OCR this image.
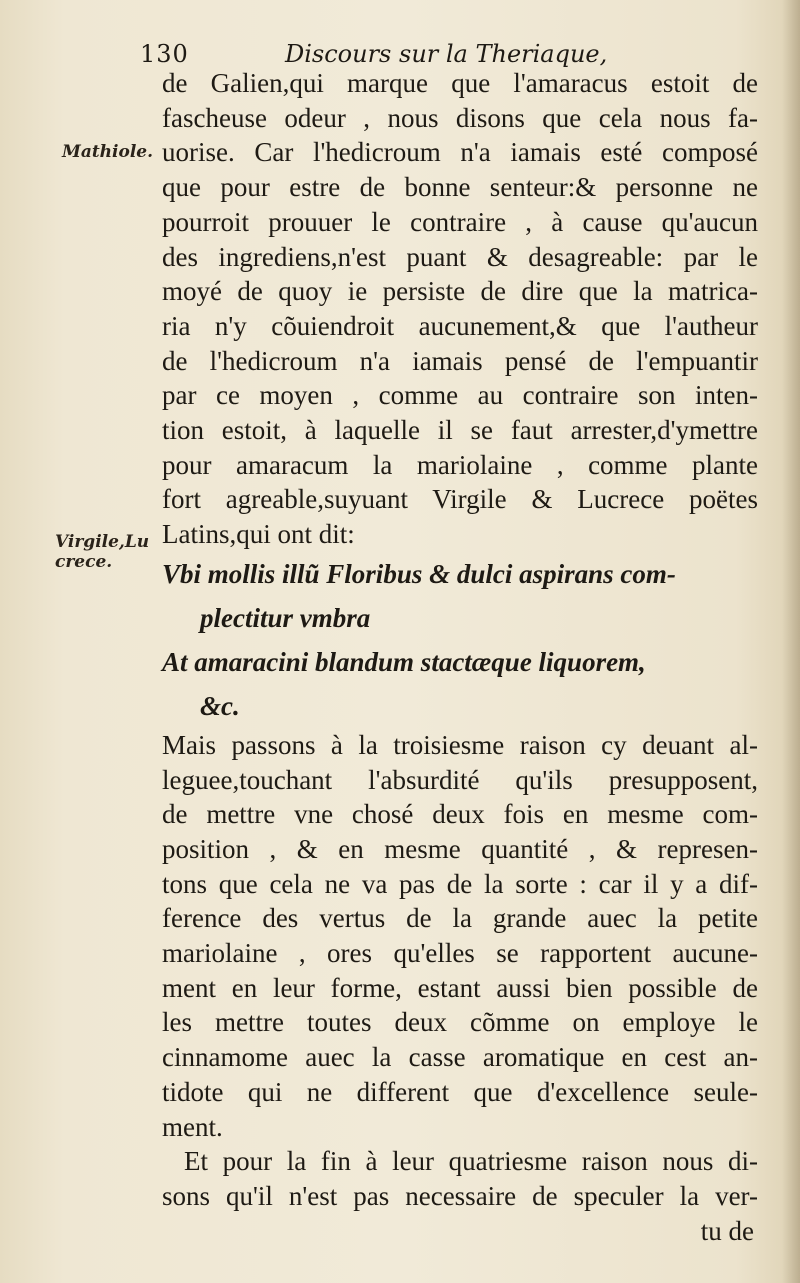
130	Discours sur la Theriaque,
Mathiole.
Virgile,Lu
crece.
de Galien,qui marque que l'amaracus estoit de
fascheuse odeur , nous disons que cela nous fa-
uorise. Car l'hedicroum n'a iamais esté composé
que pour estre de bonne senteur:& personne ne
pourroit prouuer le contraire , à cause qu'aucun
des ingrediens,n'est puant & desagreable: par le
moyé de quoy ie persiste de dire que la matrica-
ria n'y cõuiendroit aucunement,& que l'autheur
de l'hedicroum n'a iamais pensé de l'empuantir
par ce moyen , comme au contraire son inten-
tion estoit, à laquelle il se faut arrester,d'ymettre
pour amaracum la mariolaine , comme plante
fort agreable,suyuant Virgile & Lucrece poëtes
Latins,qui ont dit:
Vbi mollis illũ Floribus & dulci aspirans com-
plectitur vmbra
At amaracini blandum stactæque liquorem,
&c.
Mais passons à la troisiesme raison cy deuant al-
leguee,touchant l'absurdité qu'ils presupposent,
de mettre vne chosé deux fois en mesme com-
position , & en mesme quantité , & represen-
tons que cela ne va pas de la sorte : car il y a dif-
ference des vertus de la grande auec la petite
mariolaine , ores qu'elles se rapportent aucune-
ment en leur forme, estant aussi bien possible de
les mettre toutes deux cõmme on employe le
cinnamome auec la casse aromatique en cest an-
tidote qui ne different que d'excellence seule-
ment.
Et pour la fin à leur quatriesme raison nous di-
sons qu'il n'est pas necessaire de speculer la ver-
tu de
